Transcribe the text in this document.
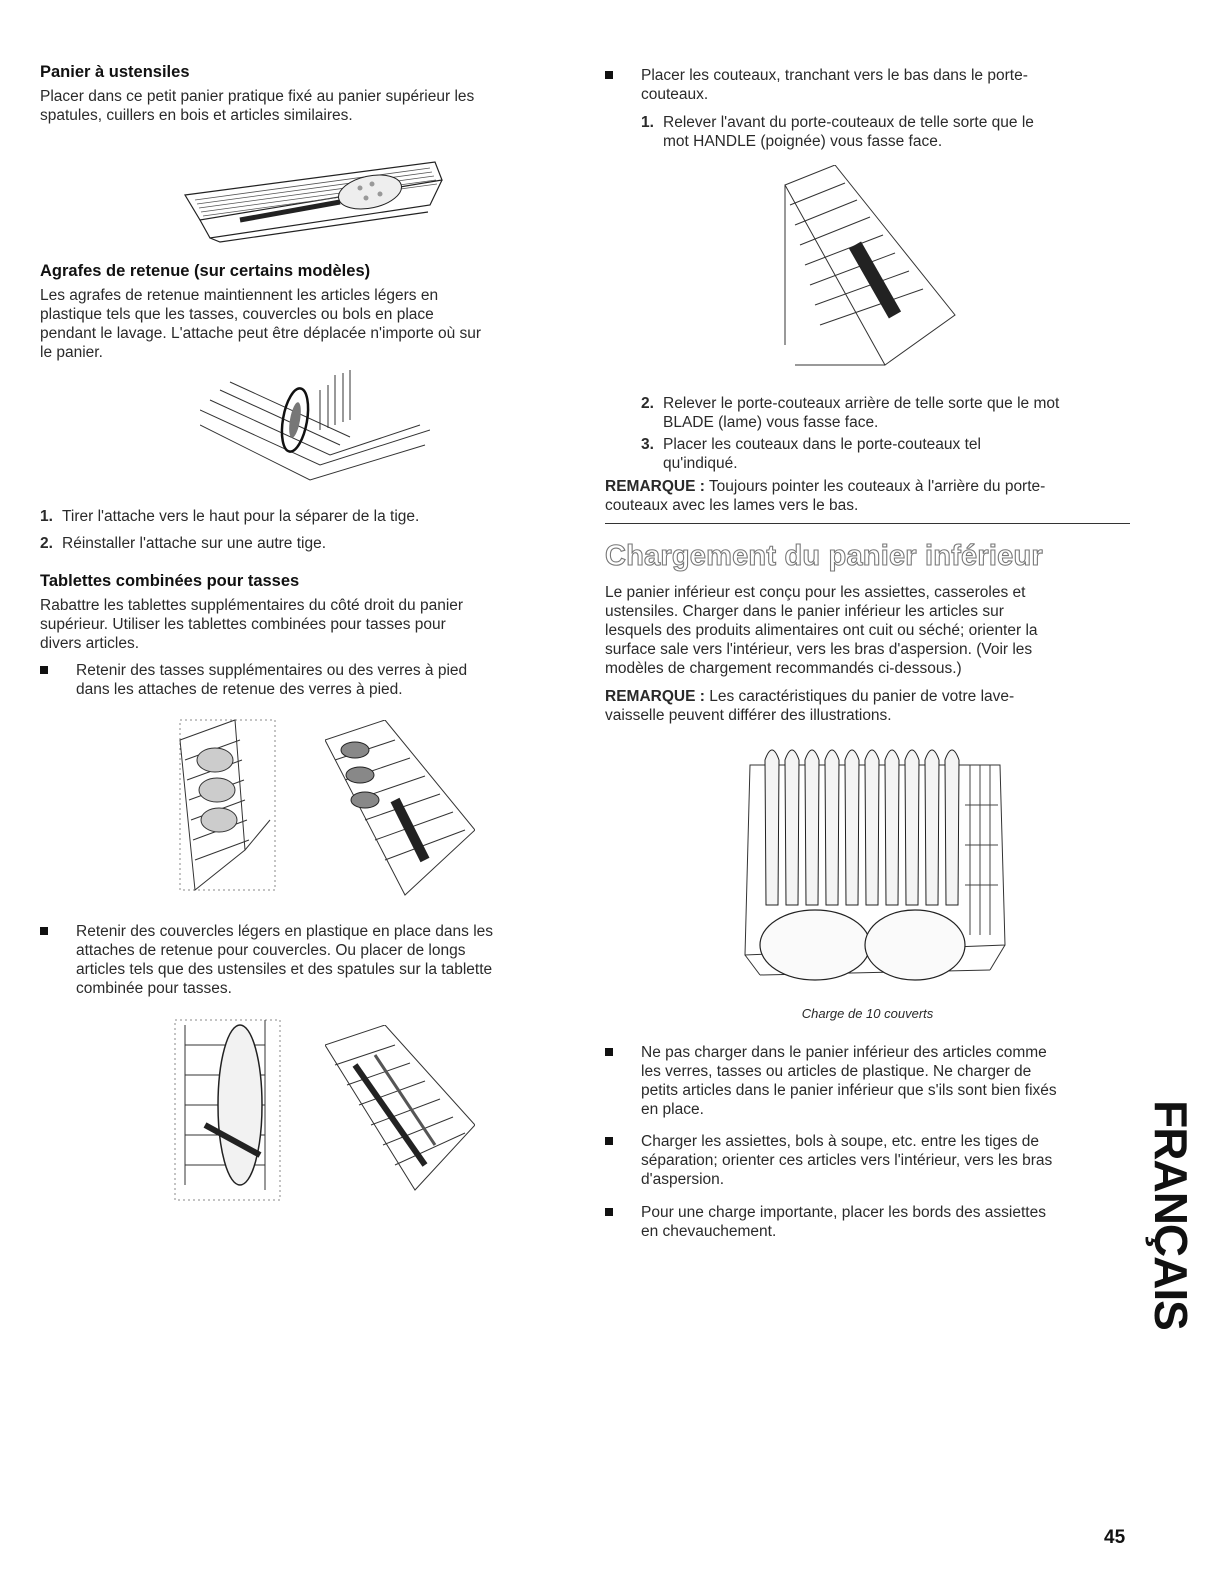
Panier à ustensiles

Placer dans ce petit panier pratique fixé au panier supérieur les
spatules, cuillers en bois et articles similaires.

Agrafes de retenue (sur certains modèles)

Les agrafes de retenue maintiennent les articles légers en
plastique tels que les tasses, couvercles ou bols en place
pendant le lavage. L'attache peut être déplacée n'importe où sur
le panier.

1. Tirer l'attache vers le haut pour la séparer de la tige.
2. Réinstaller l'attache sur une autre tige.
Tablettes combinées pour tasses

Rabattre les tablettes supplémentaires du côté droit du panier
supérieur. Utiliser les tablettes combinées pour tasses pour
divers articles.

Retenir des tasses supplémentaires ou des verres à pied
dans les attaches de retenue des verres à pied.
Retenir des couvercles légers en plastique en place dans les
attaches de retenue pour couvercles. Ou placer de longs
articles tels que des ustensiles et des spatules sur la tablette
combinée pour tasses.
Placer les couteaux, tranchant vers le bas dans le porte-
couteaux.
1. Relever l'avant du porte-couteaux de telle sorte que le
mot HANDLE (poignée) vous fasse face.
2. Relever le porte-couteaux arrière de telle sorte que le mot
BLADE (lame) vous fasse face.
3. Placer les couteaux dans le porte-couteaux tel
qu'indiqué.

REMARQUE : Toujours pointer les couteaux à l'arrière du porte-
couteaux avec les lames vers le bas.

Chargement du panier inférieur

Le panier inférieur est conçu pour les assiettes, casseroles et
ustensiles. Charger dans le panier inférieur les articles sur
lesquels des produits alimentaires ont cuit ou séché; orienter la
surface sale vers l'intérieur, vers les bras d'aspersion. (Voir les
modèles de chargement recommandés ci-dessous.)

REMARQUE : Les caractéristiques du panier de votre lave-
vaisselle peuvent différer des illustrations.

Charge de 10 couverts
Ne pas charger dans le panier inférieur des articles comme
les verres, tasses ou articles de plastique. Ne charger de
petits articles dans le panier inférieur que s'ils sont bien fixés
en place.
Charger les assiettes, bols à soupe, etc. entre les tiges de
séparation; orienter ces articles vers l'intérieur, vers les bras
d'aspersion.
Pour une charge importante, placer les bords des assiettes
en chevauchement.	FRANÇAIS
45
